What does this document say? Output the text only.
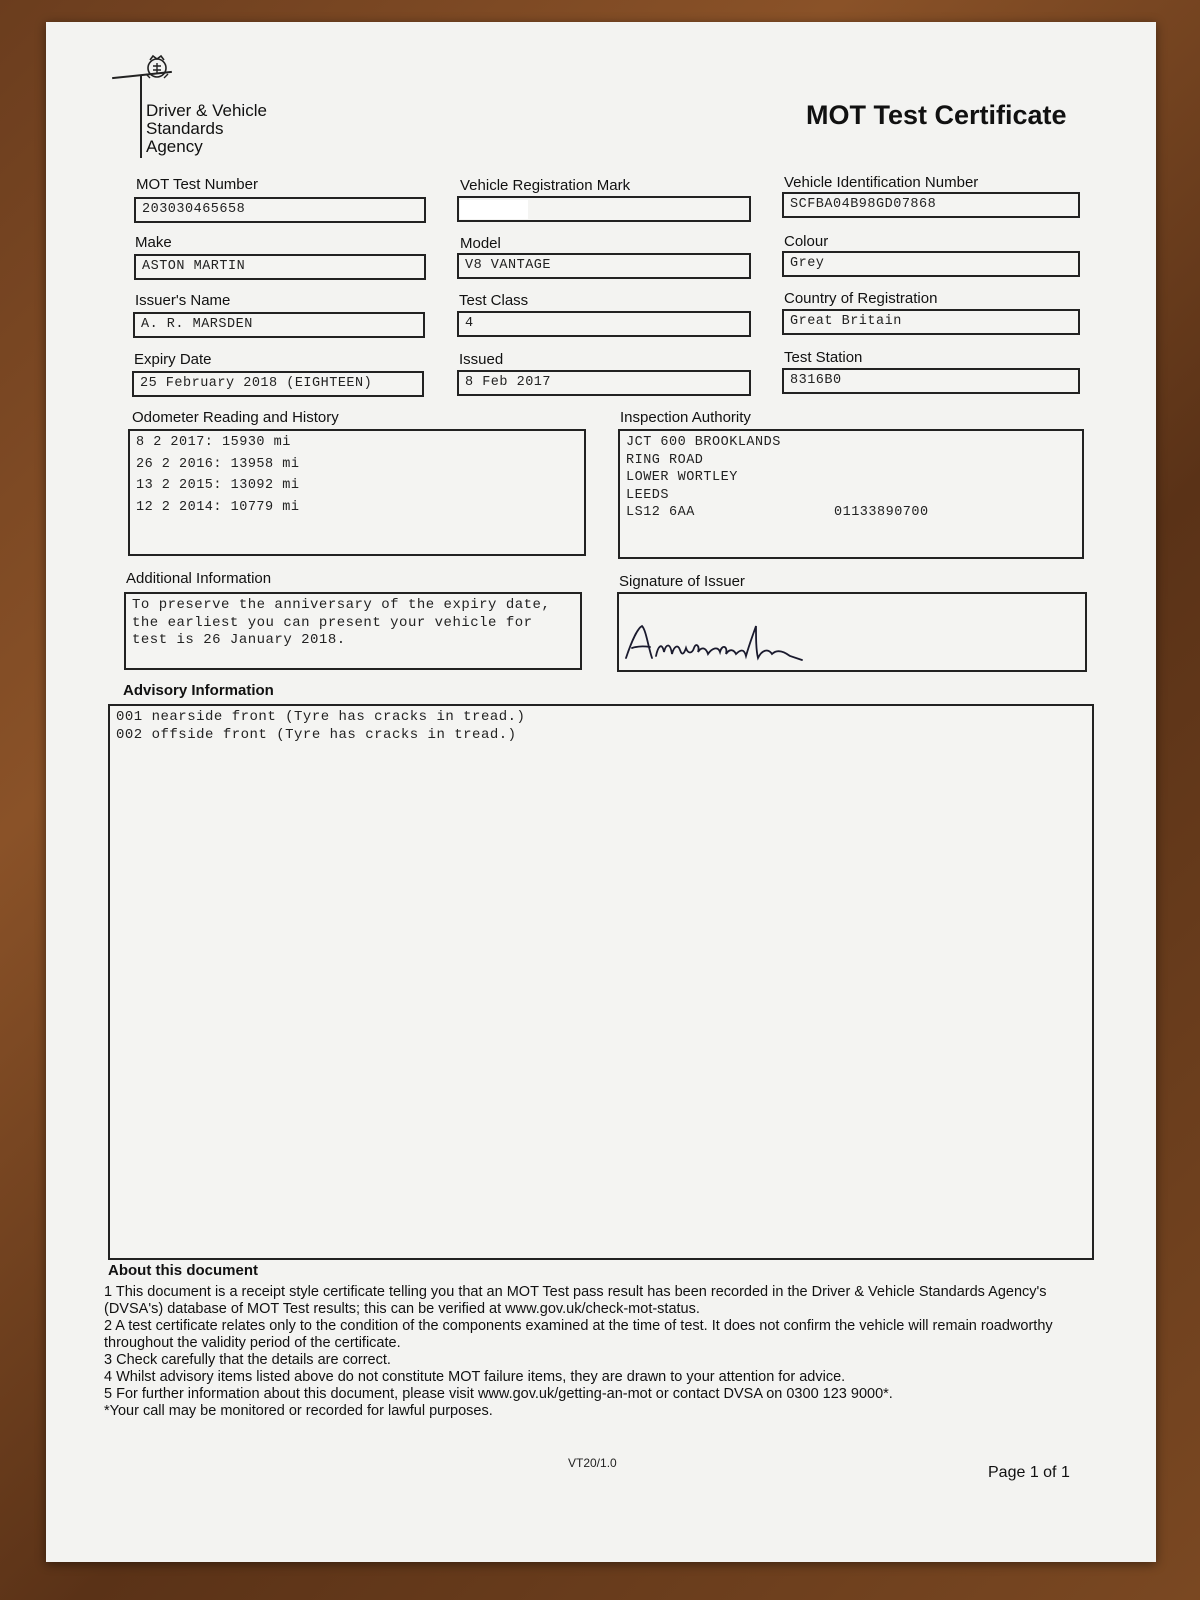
Driver & Vehicle
Standards
Agency
MOT Test Certificate
MOT Test Number
203030465658
Vehicle Registration Mark	Vehicle Identification Number
SCFBA04B98GD07868
Make
ASTON MARTIN
Model
V8 VANTAGE
Colour
Grey
Issuer's Name
A. R. MARSDEN
Test Class
4
Country of Registration
Great Britain
Expiry Date
25 February 2018 (EIGHTEEN)
Issued
8 Feb 2017
Test Station
8316B0
Odometer Reading and History
8 2 2017: 15930 mi
26 2 2016: 13958 mi
13 2 2015: 13092 mi
12 2 2014: 10779 mi
Inspection Authority
JCT 600 BROOKLANDS
RING ROAD
LOWER WORTLEY
LEEDS
LS12 6AA	01133890700
Additional Information
To preserve the anniversary of the expiry date,
the earliest you can present your vehicle for
test is 26 January 2018.
Signature of Issuer
Advisory Information
001 nearside front (Tyre has cracks in tread.)
002 offside front (Tyre has cracks in tread.)
About this document
1 This document is a receipt style certificate telling you that an MOT Test pass result has been recorded in the Driver & Vehicle Standards Agency's (DVSA's) database of MOT Test results; this can be verified at www.gov.uk/check-mot-status.
2 A test certificate relates only to the condition of the components examined at the time of test. It does not confirm the vehicle will remain roadworthy throughout the validity period of the certificate.
3 Check carefully that the details are correct.
4 Whilst advisory items listed above do not constitute MOT failure items, they are drawn to your attention for advice.
5 For further information about this document, please visit www.gov.uk/getting-an-mot or contact DVSA on 0300 123 9000*.
*Your call may be monitored or recorded for lawful purposes.
VT20/1.0
Page 1 of 1
